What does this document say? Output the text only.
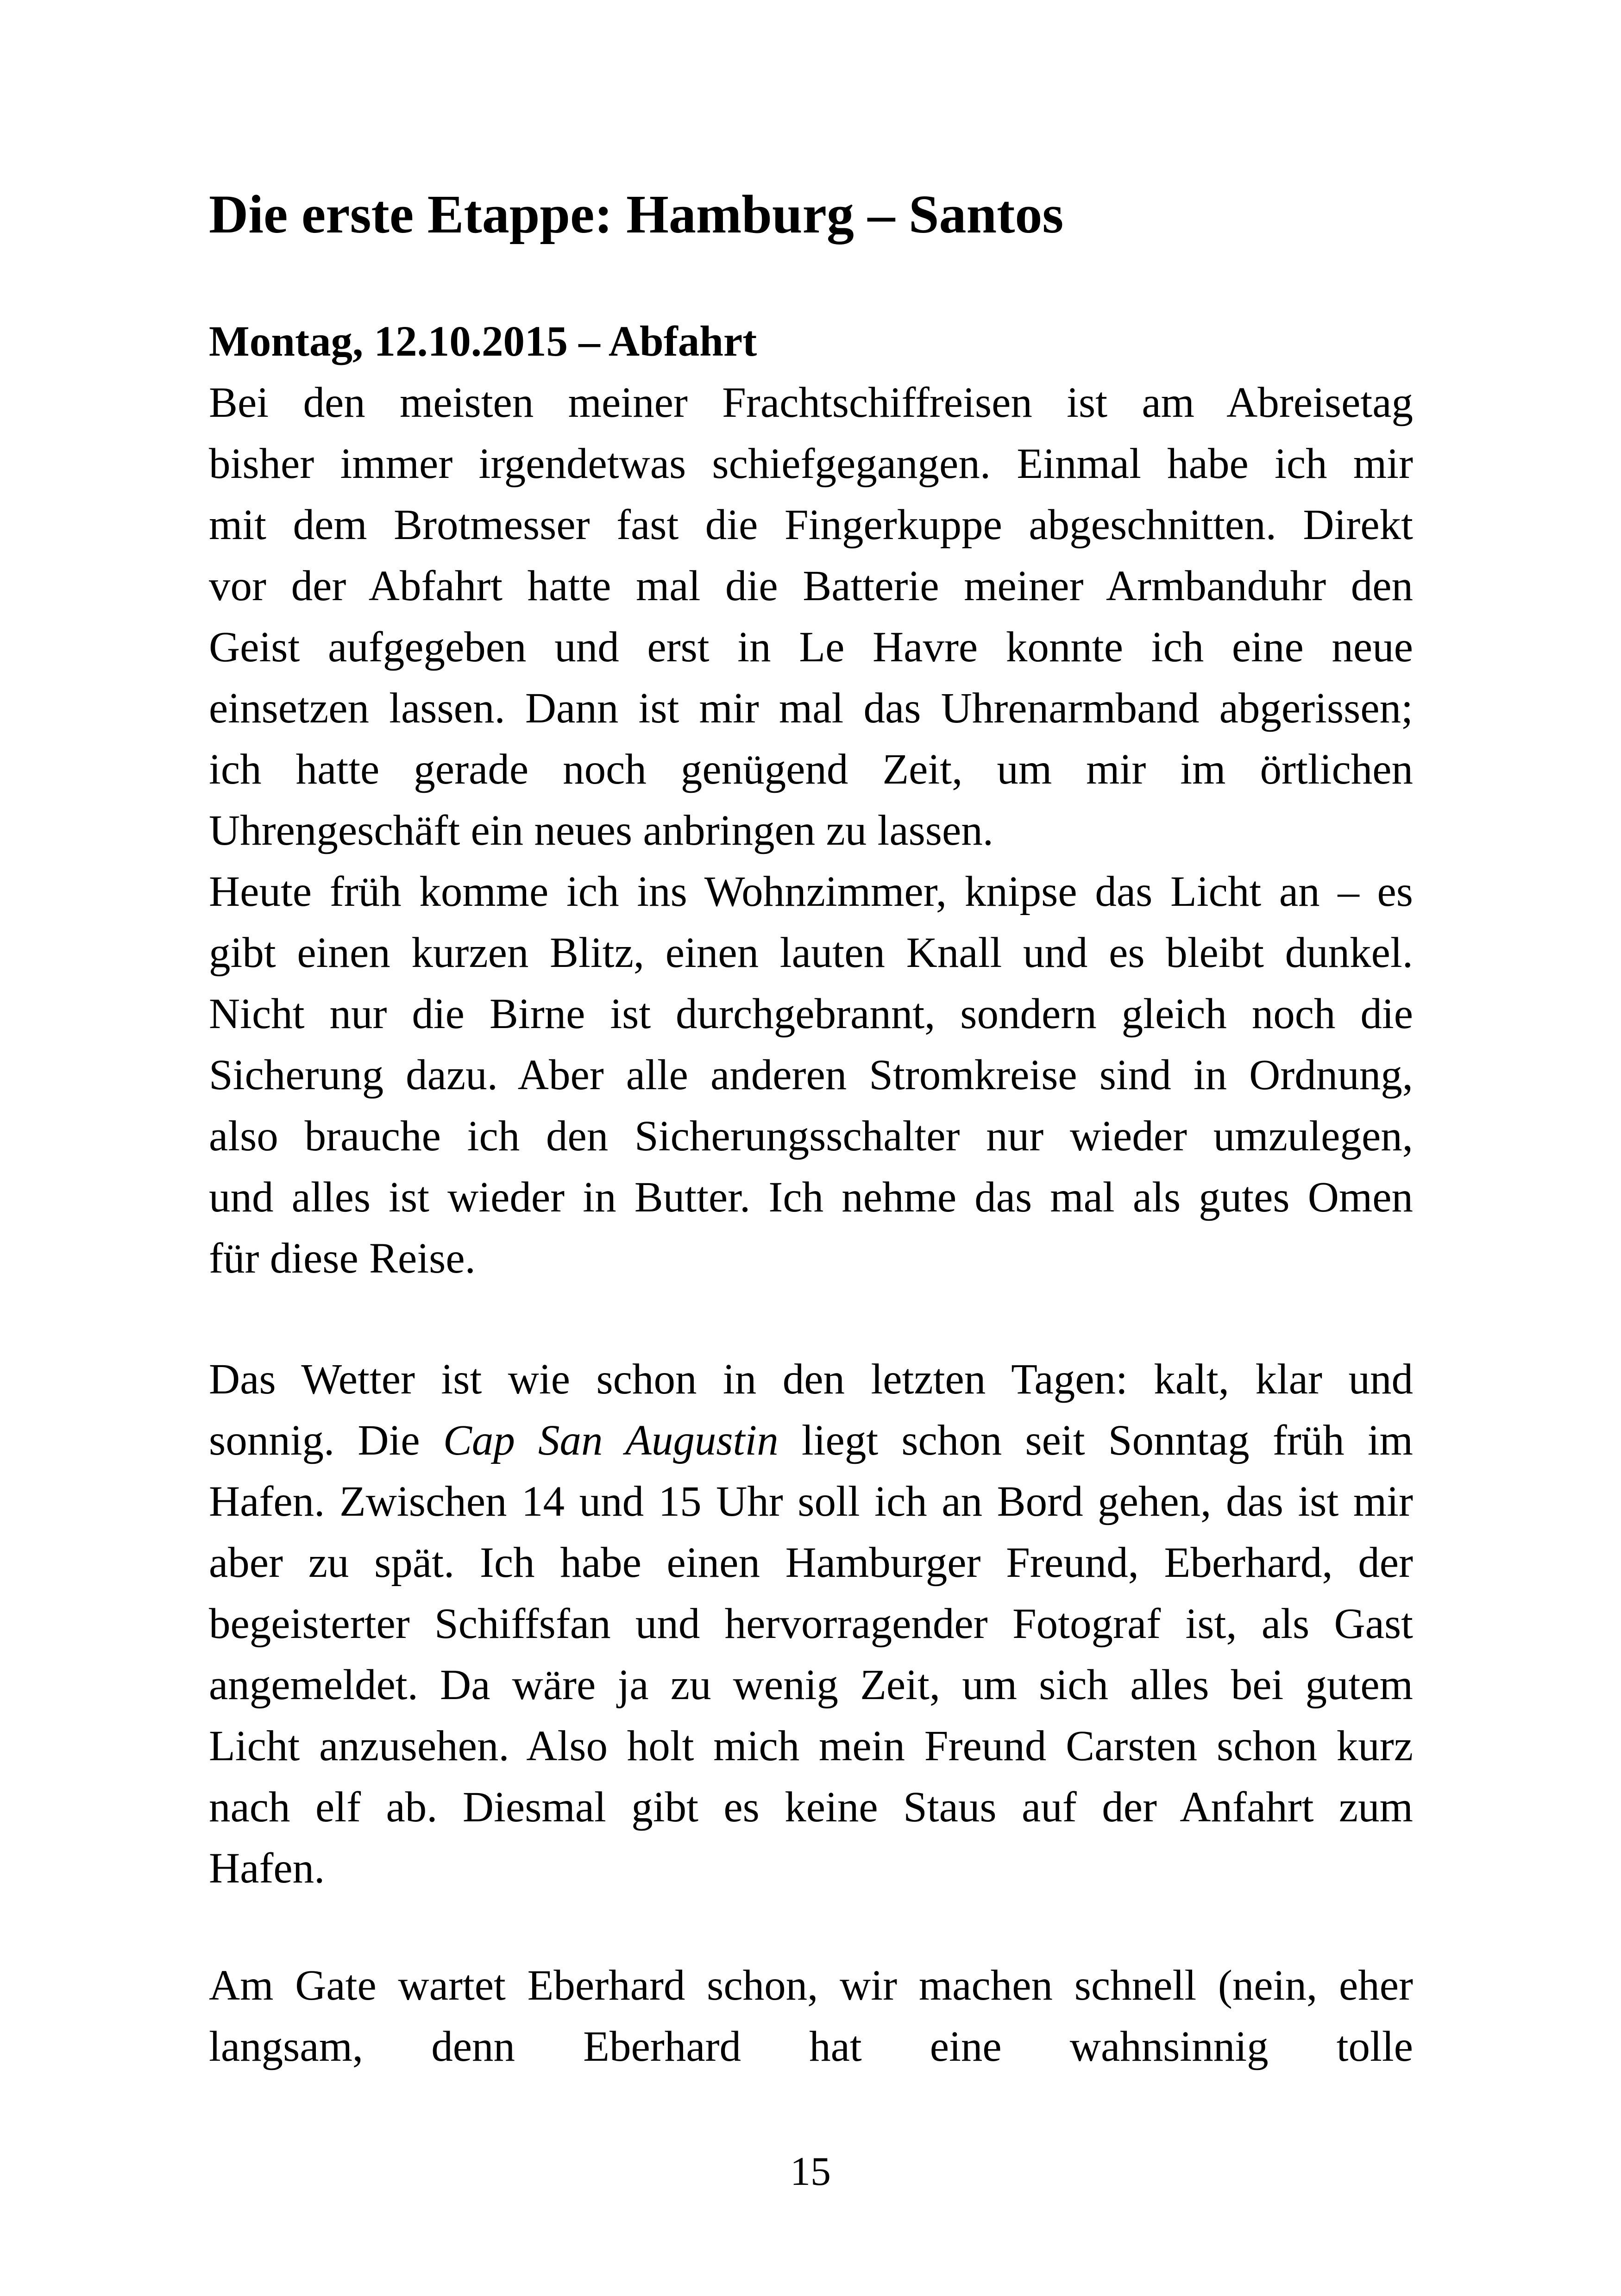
Die erste Etappe: Hamburg – Santos
Montag, 12.10.2015 – Abfahrt
Bei den meisten meiner Frachtschiffreisen ist am Abreisetag
bisher immer irgendetwas schiefgegangen. Einmal habe ich mir
mit dem Brotmesser fast die Fingerkuppe abgeschnitten. Direkt
vor der Abfahrt hatte mal die Batterie meiner Armbanduhr den
Geist aufgegeben und erst in Le Havre konnte ich eine neue
einsetzen lassen. Dann ist mir mal das Uhrenarmband abgerissen;
ich hatte gerade noch genügend Zeit, um mir im örtlichen
Uhrengeschäft ein neues anbringen zu lassen.
Heute früh komme ich ins Wohnzimmer, knipse das Licht an – es
gibt einen kurzen Blitz, einen lauten Knall und es bleibt dunkel.
Nicht nur die Birne ist durchgebrannt, sondern gleich noch die
Sicherung dazu. Aber alle anderen Stromkreise sind in Ordnung,
also brauche ich den Sicherungsschalter nur wieder umzulegen,
und alles ist wieder in Butter. Ich nehme das mal als gutes Omen
für diese Reise.
Das Wetter ist wie schon in den letzten Tagen: kalt, klar und
sonnig. Die Cap San Augustin liegt schon seit Sonntag früh im
Hafen. Zwischen 14 und 15 Uhr soll ich an Bord gehen, das ist mir
aber zu spät. Ich habe einen Hamburger Freund, Eberhard, der
begeisterter Schiffsfan und hervorragender Fotograf ist, als Gast
angemeldet. Da wäre ja zu wenig Zeit, um sich alles bei gutem
Licht anzusehen. Also holt mich mein Freund Carsten schon kurz
nach elf ab. Diesmal gibt es keine Staus auf der Anfahrt zum
Hafen.
Am Gate wartet Eberhard schon, wir machen schnell (nein, eher
langsam, denn Eberhard hat eine wahnsinnig tolle
15
